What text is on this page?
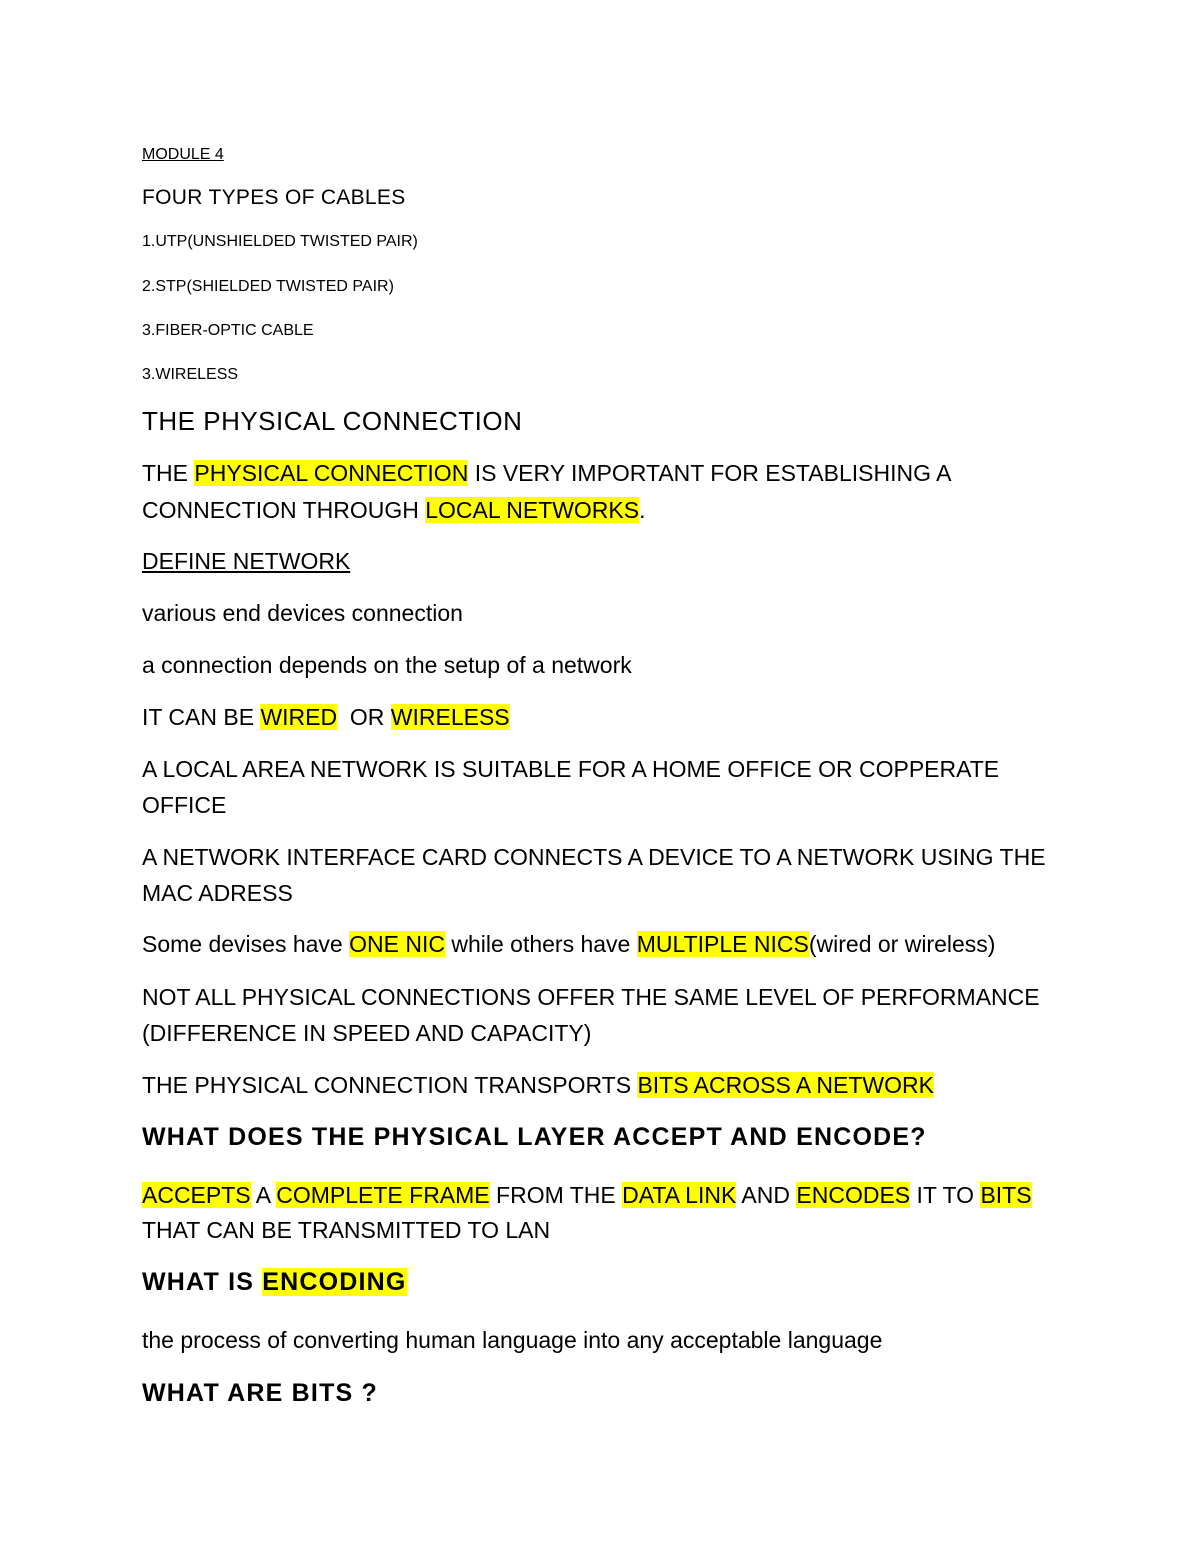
MODULE 4
FOUR TYPES OF CABLES
1.UTP(UNSHIELDED TWISTED PAIR)
2.STP(SHIELDED TWISTED PAIR)
3.FIBER-OPTIC CABLE
3.WIRELESS
THE PHYSICAL CONNECTION
THE PHYSICAL CONNECTION IS VERY IMPORTANT FOR ESTABLISHING A
CONNECTION THROUGH LOCAL NETWORKS.
DEFINE NETWORK
various end devices connection
a connection depends on the setup of a network
IT CAN BE WIRED  OR WIRELESS
A LOCAL AREA NETWORK IS SUITABLE FOR A HOME OFFICE OR COPPERATE
OFFICE
A NETWORK INTERFACE CARD CONNECTS A DEVICE TO A NETWORK USING THE
MAC ADRESS
Some devises have ONE NIC while others have MULTIPLE NICS(wired or wireless)
NOT ALL PHYSICAL CONNECTIONS OFFER THE SAME LEVEL OF PERFORMANCE
(DIFFERENCE IN SPEED AND CAPACITY)
THE PHYSICAL CONNECTION TRANSPORTS BITS ACROSS A NETWORK
WHAT DOES THE PHYSICAL LAYER ACCEPT AND ENCODE?
ACCEPTS A COMPLETE FRAME FROM THE DATA LINK AND ENCODES IT TO BITS
THAT CAN BE TRANSMITTED TO LAN
WHAT IS ENCODING
the process of converting human language into any acceptable language
WHAT ARE BITS ?
